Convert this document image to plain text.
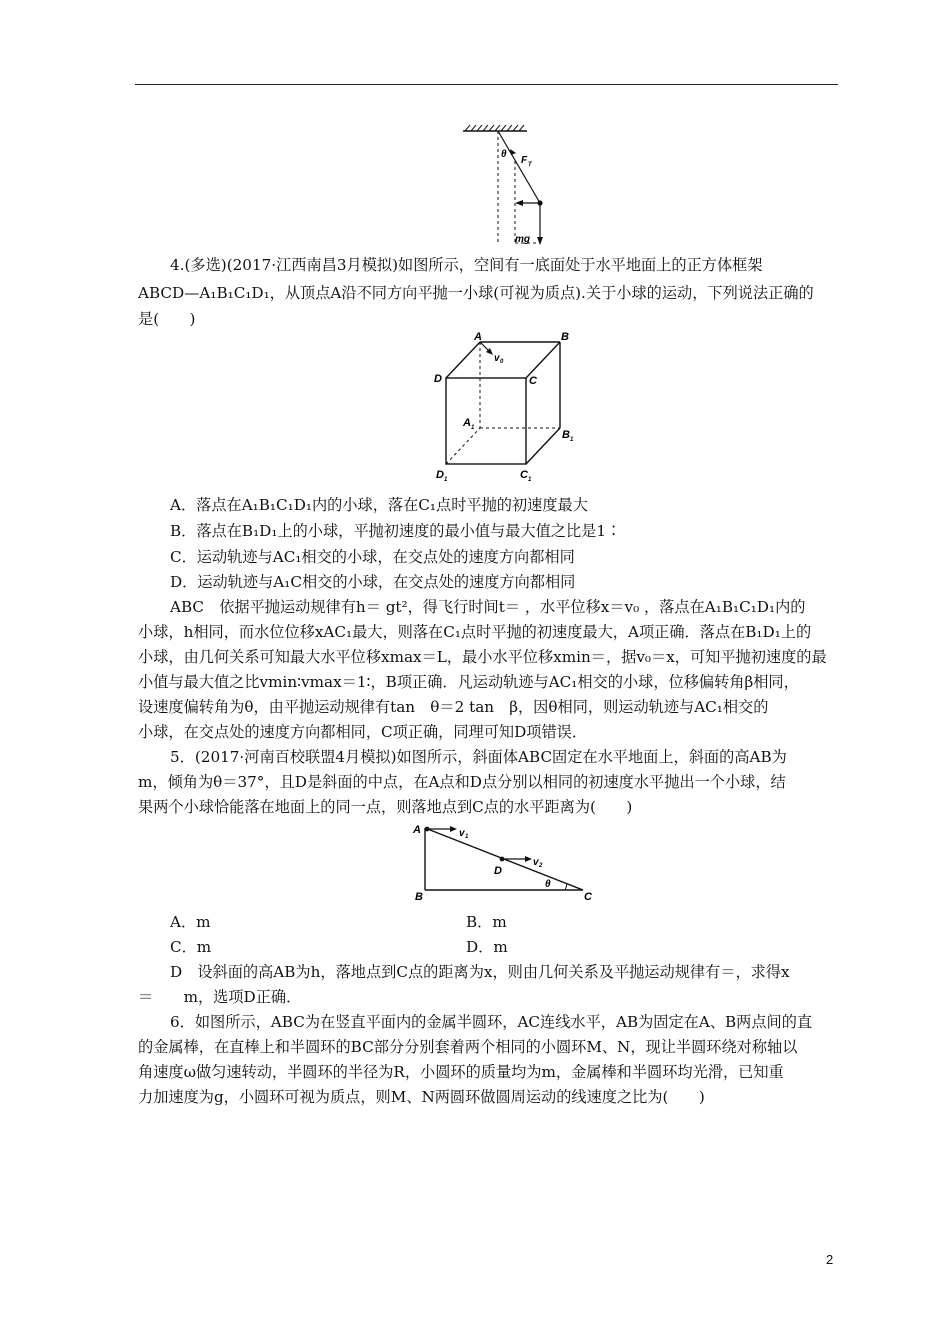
θ
F T
mg
4.(多选)(2017·江西南昌3月模拟)如图所示，空间有一底面处于水平地面上的正方体框架
ABCD—A₁B₁C₁D₁，从顶点A沿不同方向平抛一小球(可视为质点).关于小球的运动，下列说法正确的
是(　　)
v 0
A	B
C
D
A 1
B 1
C 1
D 1
A．落点在A₁B₁C₁D₁内的小球，落在C₁点时平抛的初速度最大
B．落点在B₁D₁上的小球，平抛初速度的最小值与最大值之比是1∶
C．运动轨迹与AC₁相交的小球，在交点处的速度方向都相同
D．运动轨迹与A₁C相交的小球，在交点处的速度方向都相同
ABC　依据平抛运动规律有h＝ gt²，得飞行时间t＝ ，水平位移x＝v₀ ，落点在A₁B₁C₁D₁内的
小球，h相同，而水位位移xAC₁最大，则落在C₁点时平抛的初速度最大，A项正确．落点在B₁D₁上的
小球，由几何关系可知最大水平位移xmax＝L，最小水平位移xmin＝，据v₀＝x，可知平抛初速度的最
小值与最大值之比vmin∶vmax＝1∶，B项正确．凡运动轨迹与AC₁相交的小球，位移偏转角β相同，
设速度偏转角为θ，由平抛运动规律有tan　θ＝2 tan　β，因θ相同，则运动轨迹与AC₁相交的
小球，在交点处的速度方向都相同，C项正确，同理可知D项错误．
5．(2017·河南百校联盟4月模拟)如图所示，斜面体ABC固定在水平地面上，斜面的高AB为
m，倾角为θ＝37°，且D是斜面的中点，在A点和D点分别以相同的初速度水平抛出一个小球，结
果两个小球恰能落在地面上的同一点，则落地点到C点的水平距离为(　　)
A
B	C
D
θ
v 1
v 2
A．m	B．m
C．m	D．m
D　设斜面的高AB为h，落地点到C点的距离为x，则由几何关系及平抛运动规律有＝，求得x
＝　　m，选项D正确．
6．如图所示，ABC为在竖直平面内的金属半圆环，AC连线水平，AB为固定在A、B两点间的直
的金属棒，在直棒上和半圆环的BC部分分别套着两个相同的小圆环M、N，现让半圆环绕对称轴以
角速度ω做匀速转动，半圆环的半径为R，小圆环的质量均为m，金属棒和半圆环均光滑，已知重
力加速度为g，小圆环可视为质点，则M、N两圆环做圆周运动的线速度之比为(　　)
2
